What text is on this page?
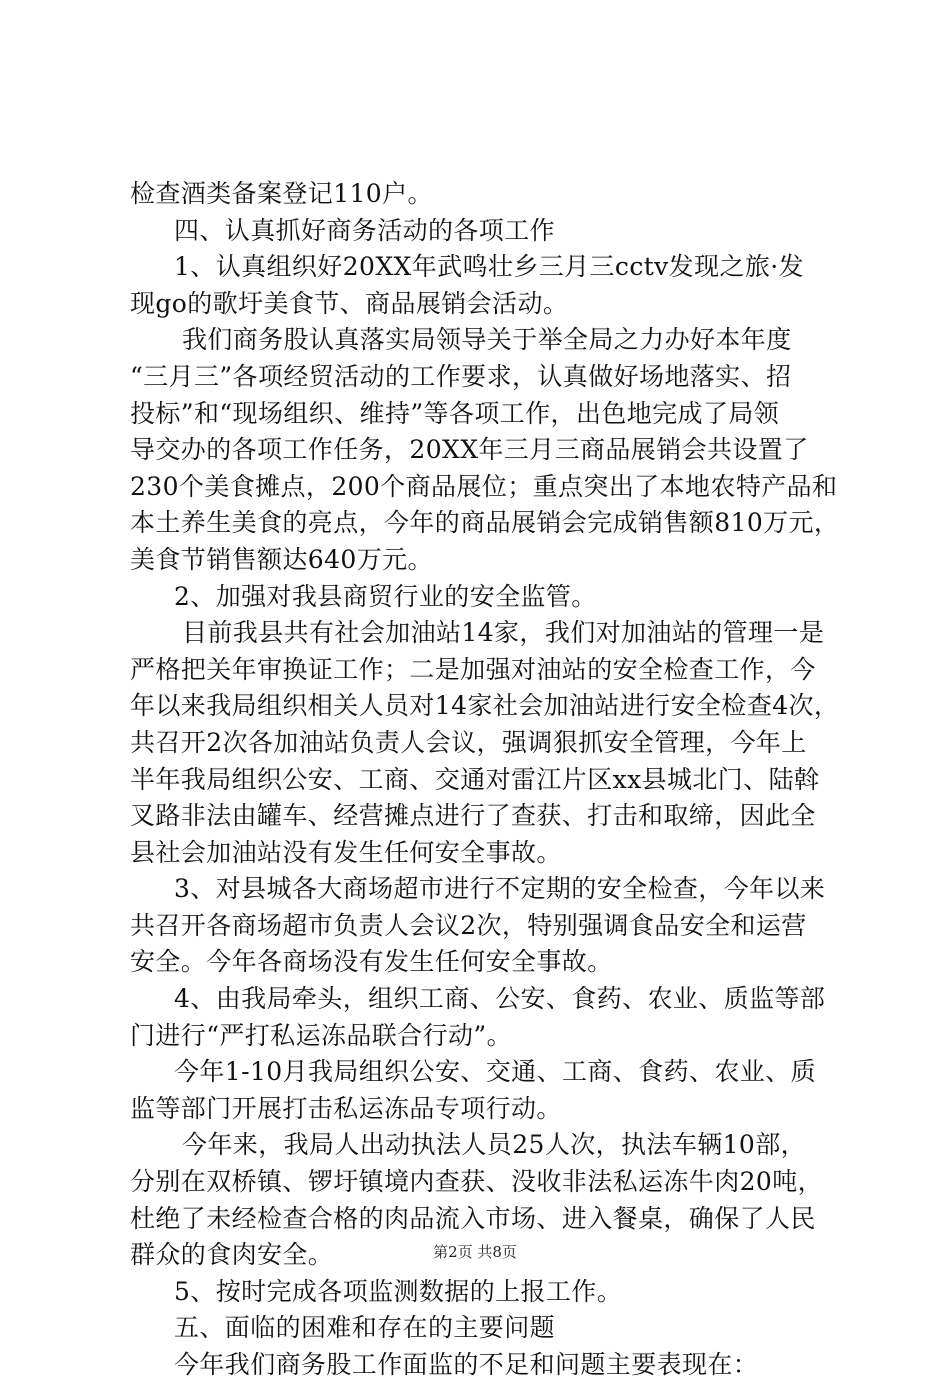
检查酒类备案登记110户。
四、认真抓好商务活动的各项工作
1、认真组织好20XX年武鸣壮乡三月三cctv发现之旅·发
现go的歌圩美食节、商品展销会活动。
我们商务股认真落实局领导关于举全局之力办好本年度
“三月三”各项经贸活动的工作要求，认真做好场地落实、招
投标”和“现场组织、维持”等各项工作，出色地完成了局领
导交办的各项工作任务，20XX年三月三商品展销会共设置了
230个美食摊点，200个商品展位；重点突出了本地农特产品和
本土养生美食的亮点，今年的商品展销会完成销售额810万元，
美食节销售额达640万元。
2、加强对我县商贸行业的安全监管。
目前我县共有社会加油站14家，我们对加油站的管理一是
严格把关年审换证工作；二是加强对油站的安全检查工作，今
年以来我局组织相关人员对14家社会加油站进行安全检查4次，
共召开2次各加油站负责人会议，强调狠抓安全管理，今年上
半年我局组织公安、工商、交通对雷江片区xx县城北门、陆斡
叉路非法由罐车、经营摊点进行了查获、打击和取缔，因此全
县社会加油站没有发生任何安全事故。
3、对县城各大商场超市进行不定期的安全检查，今年以来
共召开各商场超市负责人会议2次，特别强调食品安全和运营
安全。今年各商场没有发生任何安全事故。
4、由我局牵头，组织工商、公安、食药、农业、质监等部
门进行“严打私运冻品联合行动”。
今年1-10月我局组织公安、交通、工商、食药、农业、质
监等部门开展打击私运冻品专项行动。
今年来，我局人出动执法人员25人次，执法车辆10部，
分别在双桥镇、锣圩镇境内查获、没收非法私运冻牛肉20吨，
杜绝了未经检查合格的肉品流入市场、进入餐桌，确保了人民
群众的食肉安全。
5、按时完成各项监测数据的上报工作。
五、面临的困难和存在的主要问题
今年我们商务股工作面监的不足和问题主要表现在：
第2页 共8页
